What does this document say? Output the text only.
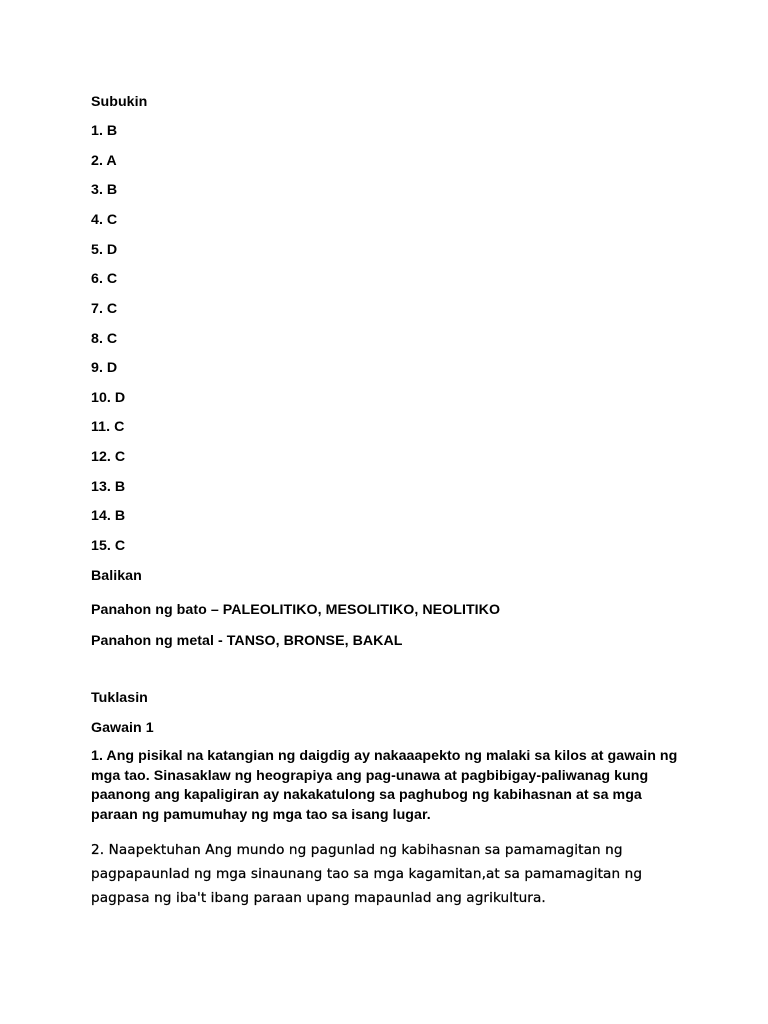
Subukin
1. B
2. A
3. B
4. C
5. D
6. C
7. C
8. C
9. D
10. D
11. C
12. C
13. B
14. B
15. C
Balikan
Panahon ng bato – PALEOLITIKO, MESOLITIKO, NEOLITIKO
Panahon ng metal - TANSO, BRONSE, BAKAL
Tuklasin
Gawain 1
1. Ang pisikal na katangian ng daigdig ay nakaaapekto ng malaki sa kilos at gawain ng mga tao. Sinasaklaw ng heograpiya ang pag-unawa at pagbibigay-paliwanag kung paanong ang kapaligiran ay nakakatulong sa paghubog ng kabihasnan at sa mga paraan ng pamumuhay ng mga tao sa isang lugar.
2. Naapektuhan Ang mundo ng pagunlad ng kabihasnan sa pamamagitan ng pagpapaunlad ng mga sinaunang tao sa mga kagamitan,at sa pamamagitan ng pagpasa ng iba't ibang paraan upang mapaunlad ang agrikultura.
